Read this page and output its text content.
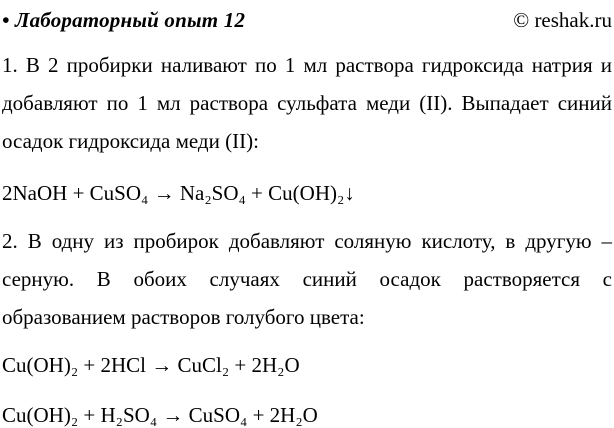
• Лабораторный опыт 12	© reshak.ru
1. В 2 пробирки наливают по 1 мл раствора гидроксида натрия и
добавляют по 1 мл раствора сульфата меди (II). Выпадает синий
осадок гидроксида меди (II):
2NaOH + CuSO₄ → Na₂SO₄ + Cu(OH)₂↓
2. В одну из пробирок добавляют соляную кислоту, в другую –
серную. В обоих случаях синий осадок растворяется с
образованием растворов голубого цвета:
Cu(OH)₂ + 2HCl → CuCl₂ + 2H₂O
Cu(OH)₂ + H₂SO₄ → CuSO₄ + 2H₂O
